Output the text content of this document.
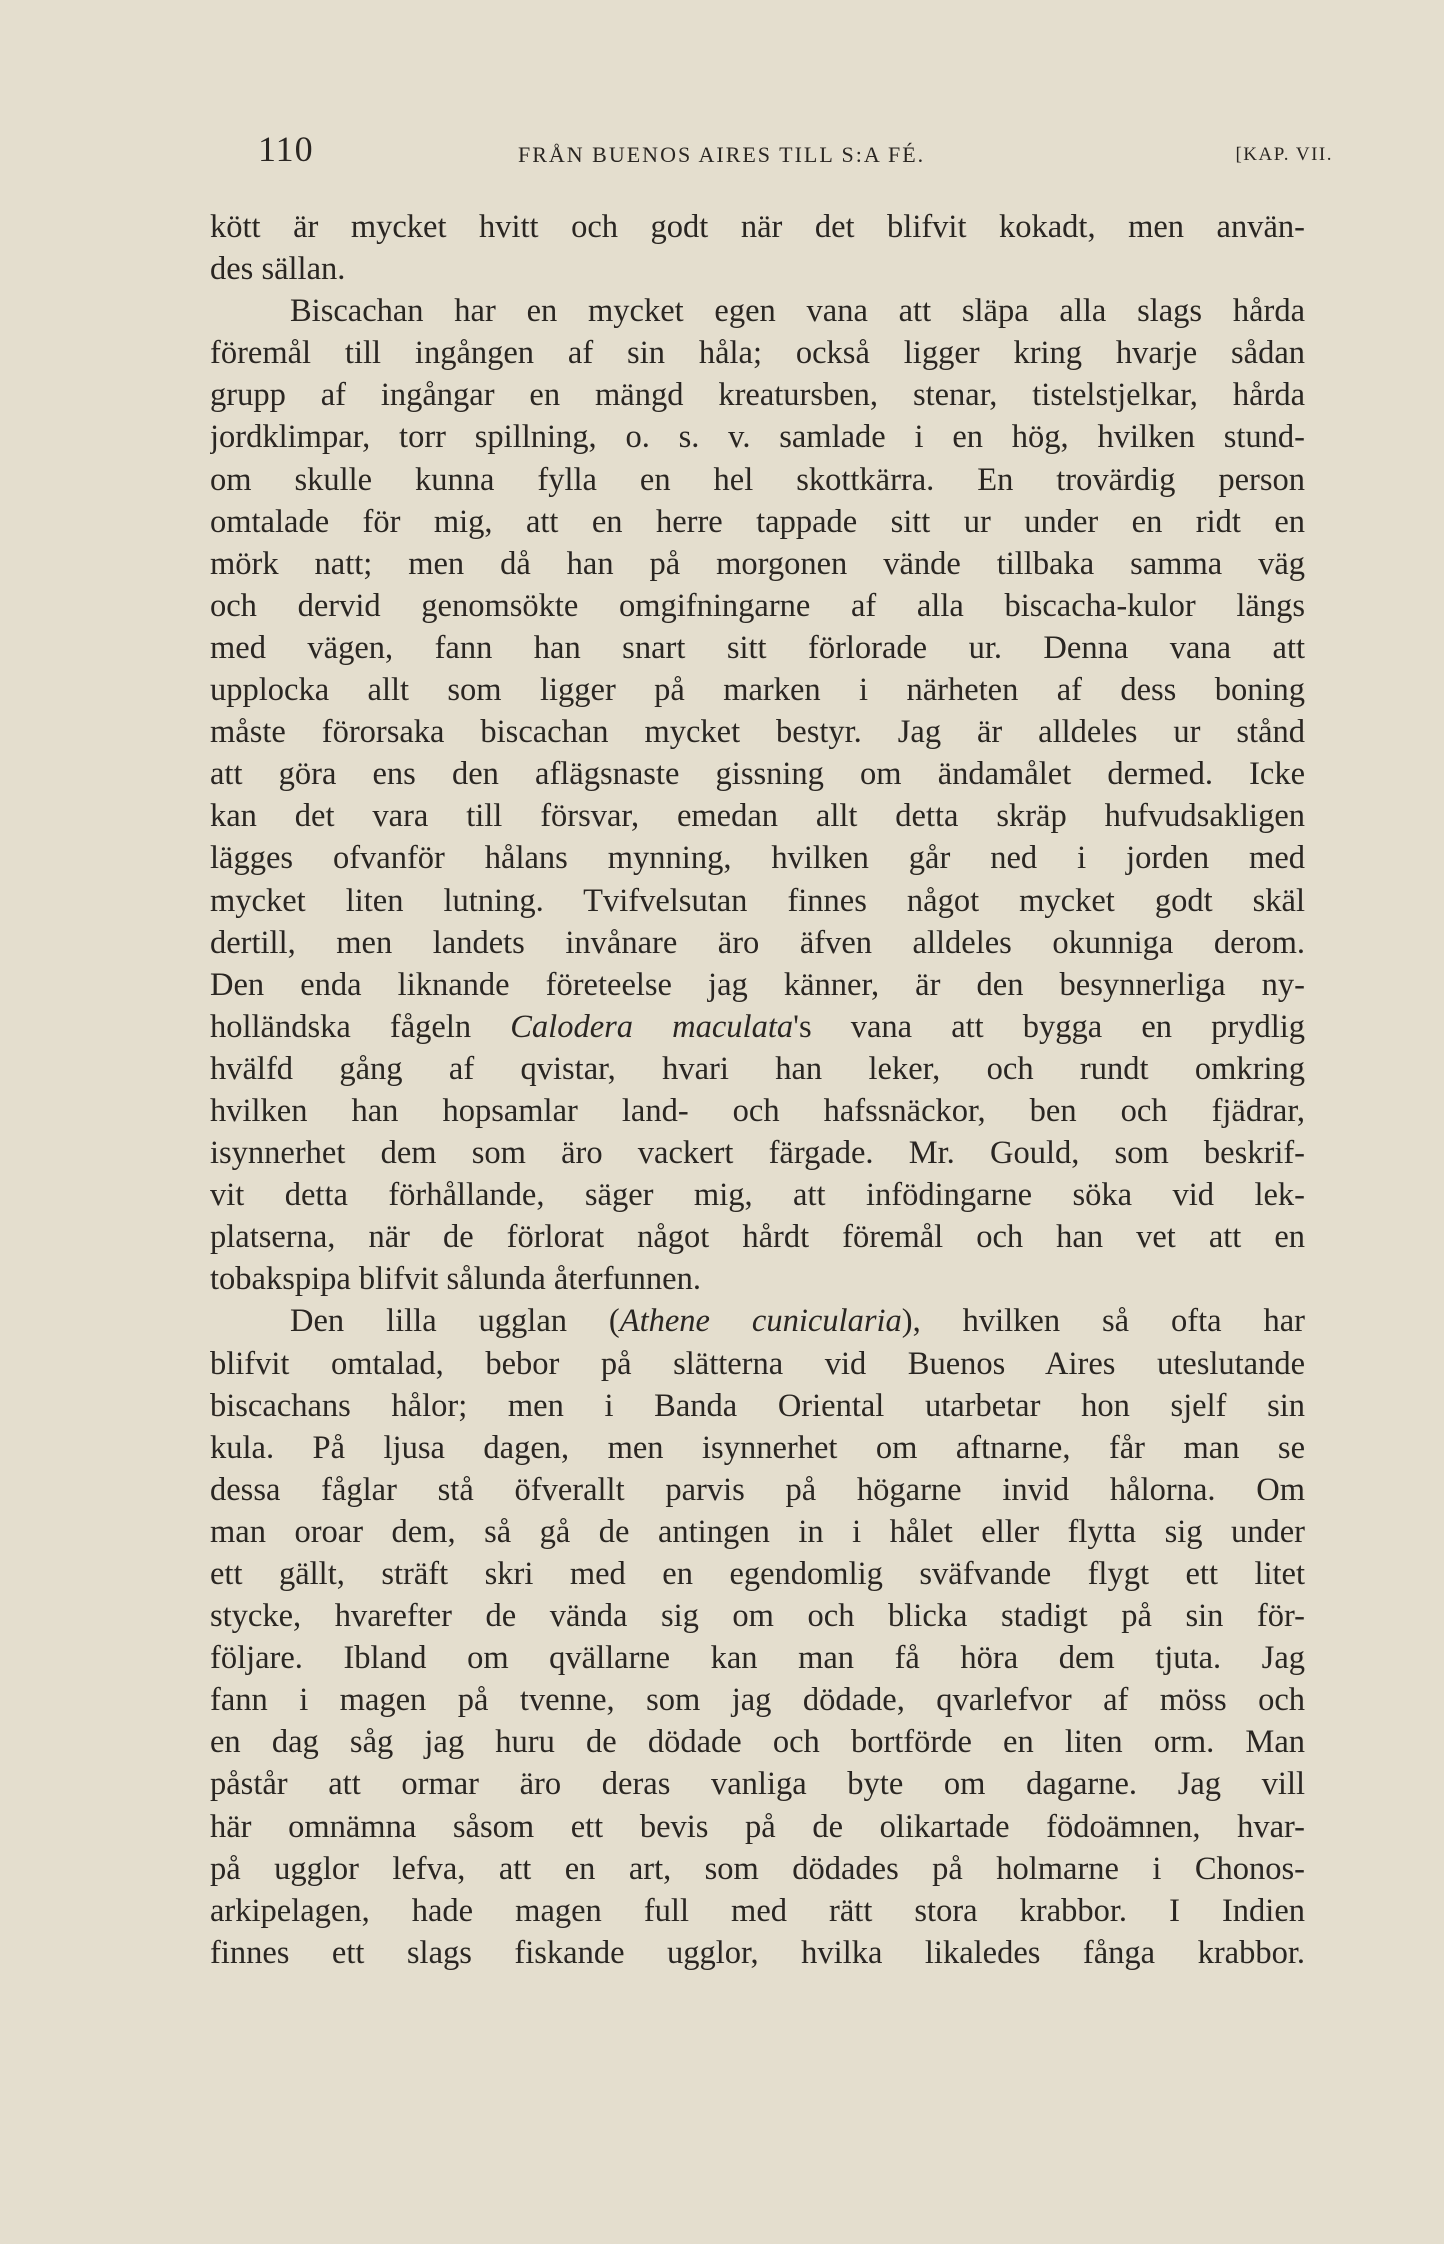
110	FRÅN BUENOS AIRES TILL S:A FÉ.	[KAP. VII.

kött är mycket hvitt och godt när det blifvit kokadt, men använ-
des sällan.

Biscachan har en mycket egen vana att släpa alla slags hårda
föremål till ingången af sin håla; också ligger kring hvarje sådan
grupp af ingångar en mängd kreatursben, stenar, tistelstjelkar, hårda
jordklimpar, torr spillning, o. s. v. samlade i en hög, hvilken stund-
om skulle kunna fylla en hel skottkärra. En trovärdig person
omtalade för mig, att en herre tappade sitt ur under en ridt en
mörk natt; men då han på morgonen vände tillbaka samma väg
och dervid genomsökte omgifningarne af alla biscacha-kulor längs
med vägen, fann han snart sitt förlorade ur. Denna vana att
upplocka allt som ligger på marken i närheten af dess boning
måste förorsaka biscachan mycket bestyr. Jag är alldeles ur stånd
att göra ens den aflägsnaste gissning om ändamålet dermed. Icke
kan det vara till försvar, emedan allt detta skräp hufvudsakligen
lägges ofvanför hålans mynning, hvilken går ned i jorden med
mycket liten lutning. Tvifvelsutan finnes något mycket godt skäl
dertill, men landets invånare äro äfven alldeles okunniga derom.
Den enda liknande företeelse jag känner, är den besynnerliga ny-
holländska fågeln Calodera maculata's vana att bygga en prydlig
hvälfd gång af qvistar, hvari han leker, och rundt omkring
hvilken han hopsamlar land- och hafssnäckor, ben och fjädrar,
isynnerhet dem som äro vackert färgade. Mr. Gould, som beskrif-
vit detta förhållande, säger mig, att infödingarne söka vid lek-
platserna, när de förlorat något hårdt föremål och han vet att en
tobakspipa blifvit sålunda återfunnen.

Den lilla ugglan (Athene cunicularia), hvilken så ofta har
blifvit omtalad, bebor på slätterna vid Buenos Aires uteslutande
biscachans hålor; men i Banda Oriental utarbetar hon sjelf sin
kula. På ljusa dagen, men isynnerhet om aftnarne, får man se
dessa fåglar stå öfverallt parvis på högarne invid hålorna. Om
man oroar dem, så gå de antingen in i hålet eller flytta sig under
ett gällt, sträft skri med en egendomlig sväfvande flygt ett litet
stycke, hvarefter de vända sig om och blicka stadigt på sin för-
följare. Ibland om qvällarne kan man få höra dem tjuta. Jag
fann i magen på tvenne, som jag dödade, qvarlefvor af möss och
en dag såg jag huru de dödade och bortförde en liten orm. Man
påstår att ormar äro deras vanliga byte om dagarne. Jag vill
här omnämna såsom ett bevis på de olikartade födoämnen, hvar-
på ugglor lefva, att en art, som dödades på holmarne i Chonos-
arkipelagen, hade magen full med rätt stora krabbor. I Indien
finnes ett slags fiskande ugglor, hvilka likaledes fånga krabbor.
